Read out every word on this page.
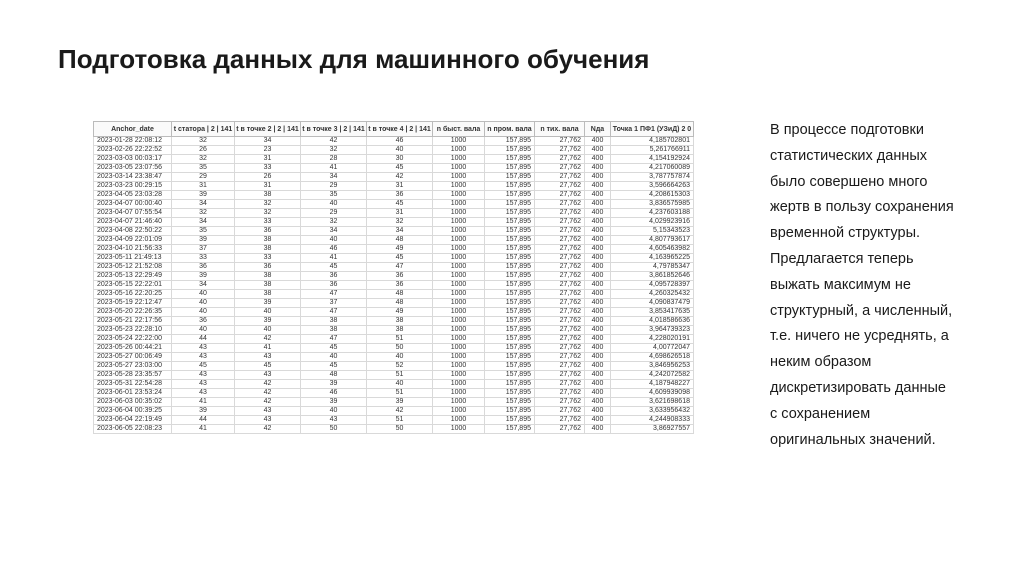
Подготовка данных для машинного обучения
Anchor_date	t статора | 2 | 141	t в точке 2 | 2 | 141	t в точке 3 | 2 | 141	t в точке 4 | 2 | 141	n быст. вала	n пром. вала	n тих. вала	Nда	Точка 1 ПФ1 (УЗиД) 2 0
2023-01-28 22:08:12	32	34	42	46	1000	157,895	27,762	400	4,185702801
2023-02-26 22:22:52	26	23	32	40	1000	157,895	27,762	400	5,261766911
2023-03-03 00:03:17	32	31	28	30	1000	157,895	27,762	400	4,154192924
2023-03-05 23:07:56	35	33	41	45	1000	157,895	27,762	400	4,217060089
2023-03-14 23:38:47	29	26	34	42	1000	157,895	27,762	400	3,787757874
2023-03-23 00:29:15	31	31	29	31	1000	157,895	27,762	400	3,596664263
2023-04-05 23:03:28	39	38	35	36	1000	157,895	27,762	400	4,208615303
2023-04-07 00:00:40	34	32	40	45	1000	157,895	27,762	400	3,836575985
2023-04-07 07:55:54	32	32	29	31	1000	157,895	27,762	400	4,237603188
2023-04-07 21:46:40	34	33	32	32	1000	157,895	27,762	400	4,029923916
2023-04-08 22:50:22	35	36	34	34	1000	157,895	27,762	400	5,15343523
2023-04-09 22:01:09	39	38	40	48	1000	157,895	27,762	400	4,807793617
2023-04-10 21:56:33	37	38	46	49	1000	157,895	27,762	400	4,605463982
2023-05-11 21:49:13	33	33	41	45	1000	157,895	27,762	400	4,163965225
2023-05-12 21:52:08	36	36	45	47	1000	157,895	27,762	400	4,79785347
2023-05-13 22:29:49	39	38	36	36	1000	157,895	27,762	400	3,861852646
2023-05-15 22:22:01	34	38	36	36	1000	157,895	27,762	400	4,095728397
2023-05-16 22:20:25	40	38	47	48	1000	157,895	27,762	400	4,260325432
2023-05-19 22:12:47	40	39	37	48	1000	157,895	27,762	400	4,090837479
2023-05-20 22:26:35	40	40	47	49	1000	157,895	27,762	400	3,853417635
2023-05-21 22:17:56	36	39	38	38	1000	157,895	27,762	400	4,018586636
2023-05-23 22:28:10	40	40	38	38	1000	157,895	27,762	400	3,964739323
2023-05-24 22:22:00	44	42	47	51	1000	157,895	27,762	400	4,228020191
2023-05-26 00:44:21	43	41	45	50	1000	157,895	27,762	400	4,00772047
2023-05-27 00:06:49	43	43	40	40	1000	157,895	27,762	400	4,698626518
2023-05-27 23:03:00	45	45	45	52	1000	157,895	27,762	400	3,846956253
2023-05-28 23:35:57	43	43	48	51	1000	157,895	27,762	400	4,242072582
2023-05-31 22:54:28	43	42	39	40	1000	157,895	27,762	400	4,187948227
2023-06-01 23:53:24	43	42	46	51	1000	157,895	27,762	400	4,609939098
2023-06-03 00:35:02	41	42	39	39	1000	157,895	27,762	400	3,621698618
2023-06-04 00:39:25	39	43	40	42	1000	157,895	27,762	400	3,633956432
2023-06-04 22:19:49	44	43	43	51	1000	157,895	27,762	400	4,244908333
2023-06-05 22:08:23	41	42	50	50	1000	157,895	27,762	400	3,86927557
В процессе подготовки
статистических данных
было совершено много
жертв в пользу сохранения
временной структуры.
Предлагается теперь
выжать максимум не
структурный, а численный,
т.е. ничего не усреднять, а
неким образом
дискретизировать данные
с сохранением
оригинальных значений.
